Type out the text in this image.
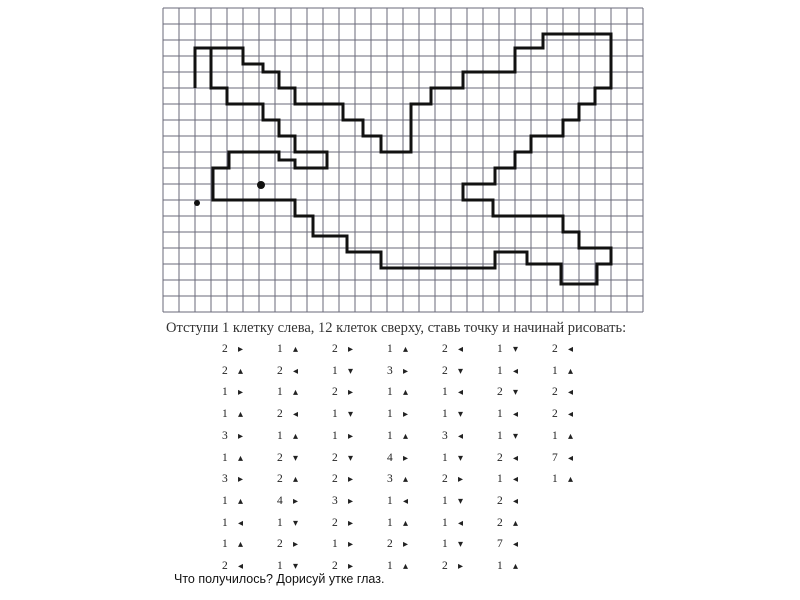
Отступи 1 клетку слева, 12 клеток сверху, ставь точку и начинай рисовать:
2 ▸
2 ▴
1 ▸
1 ▴
3 ▸
1 ▴
3 ▸
1 ▴
1 ◂
1 ▴
2 ◂
1 ▴
2 ◂
1 ▴
2 ◂
1 ▴
2 ▾
2 ▴
4 ▸
1 ▾
2 ▸
1 ▾
2 ▸
1 ▾
2 ▸
1 ▾
1 ▸
2 ▾
2 ▸
3 ▸
2 ▸
1 ▸
2 ▸
1 ▴
3 ▸
1 ▴
1 ▸
1 ▴
4 ▸
3 ▴
1 ◂
1 ▴
2 ▸
1 ▴
2 ◂
2 ▾
1 ◂
1 ▾
3 ◂
1 ▾
2 ▸
1 ▾
1 ◂
1 ▾
2 ▸
1 ▾
1 ◂
2 ▾
1 ◂
1 ▾
2 ◂
1 ◂
2 ◂
2 ▴
7 ◂
1 ▴
2 ◂
1 ▴
2 ◂
2 ◂
1 ▴
7 ◂
1 ▴
Что получилось? Дорисуй утке глаз.
